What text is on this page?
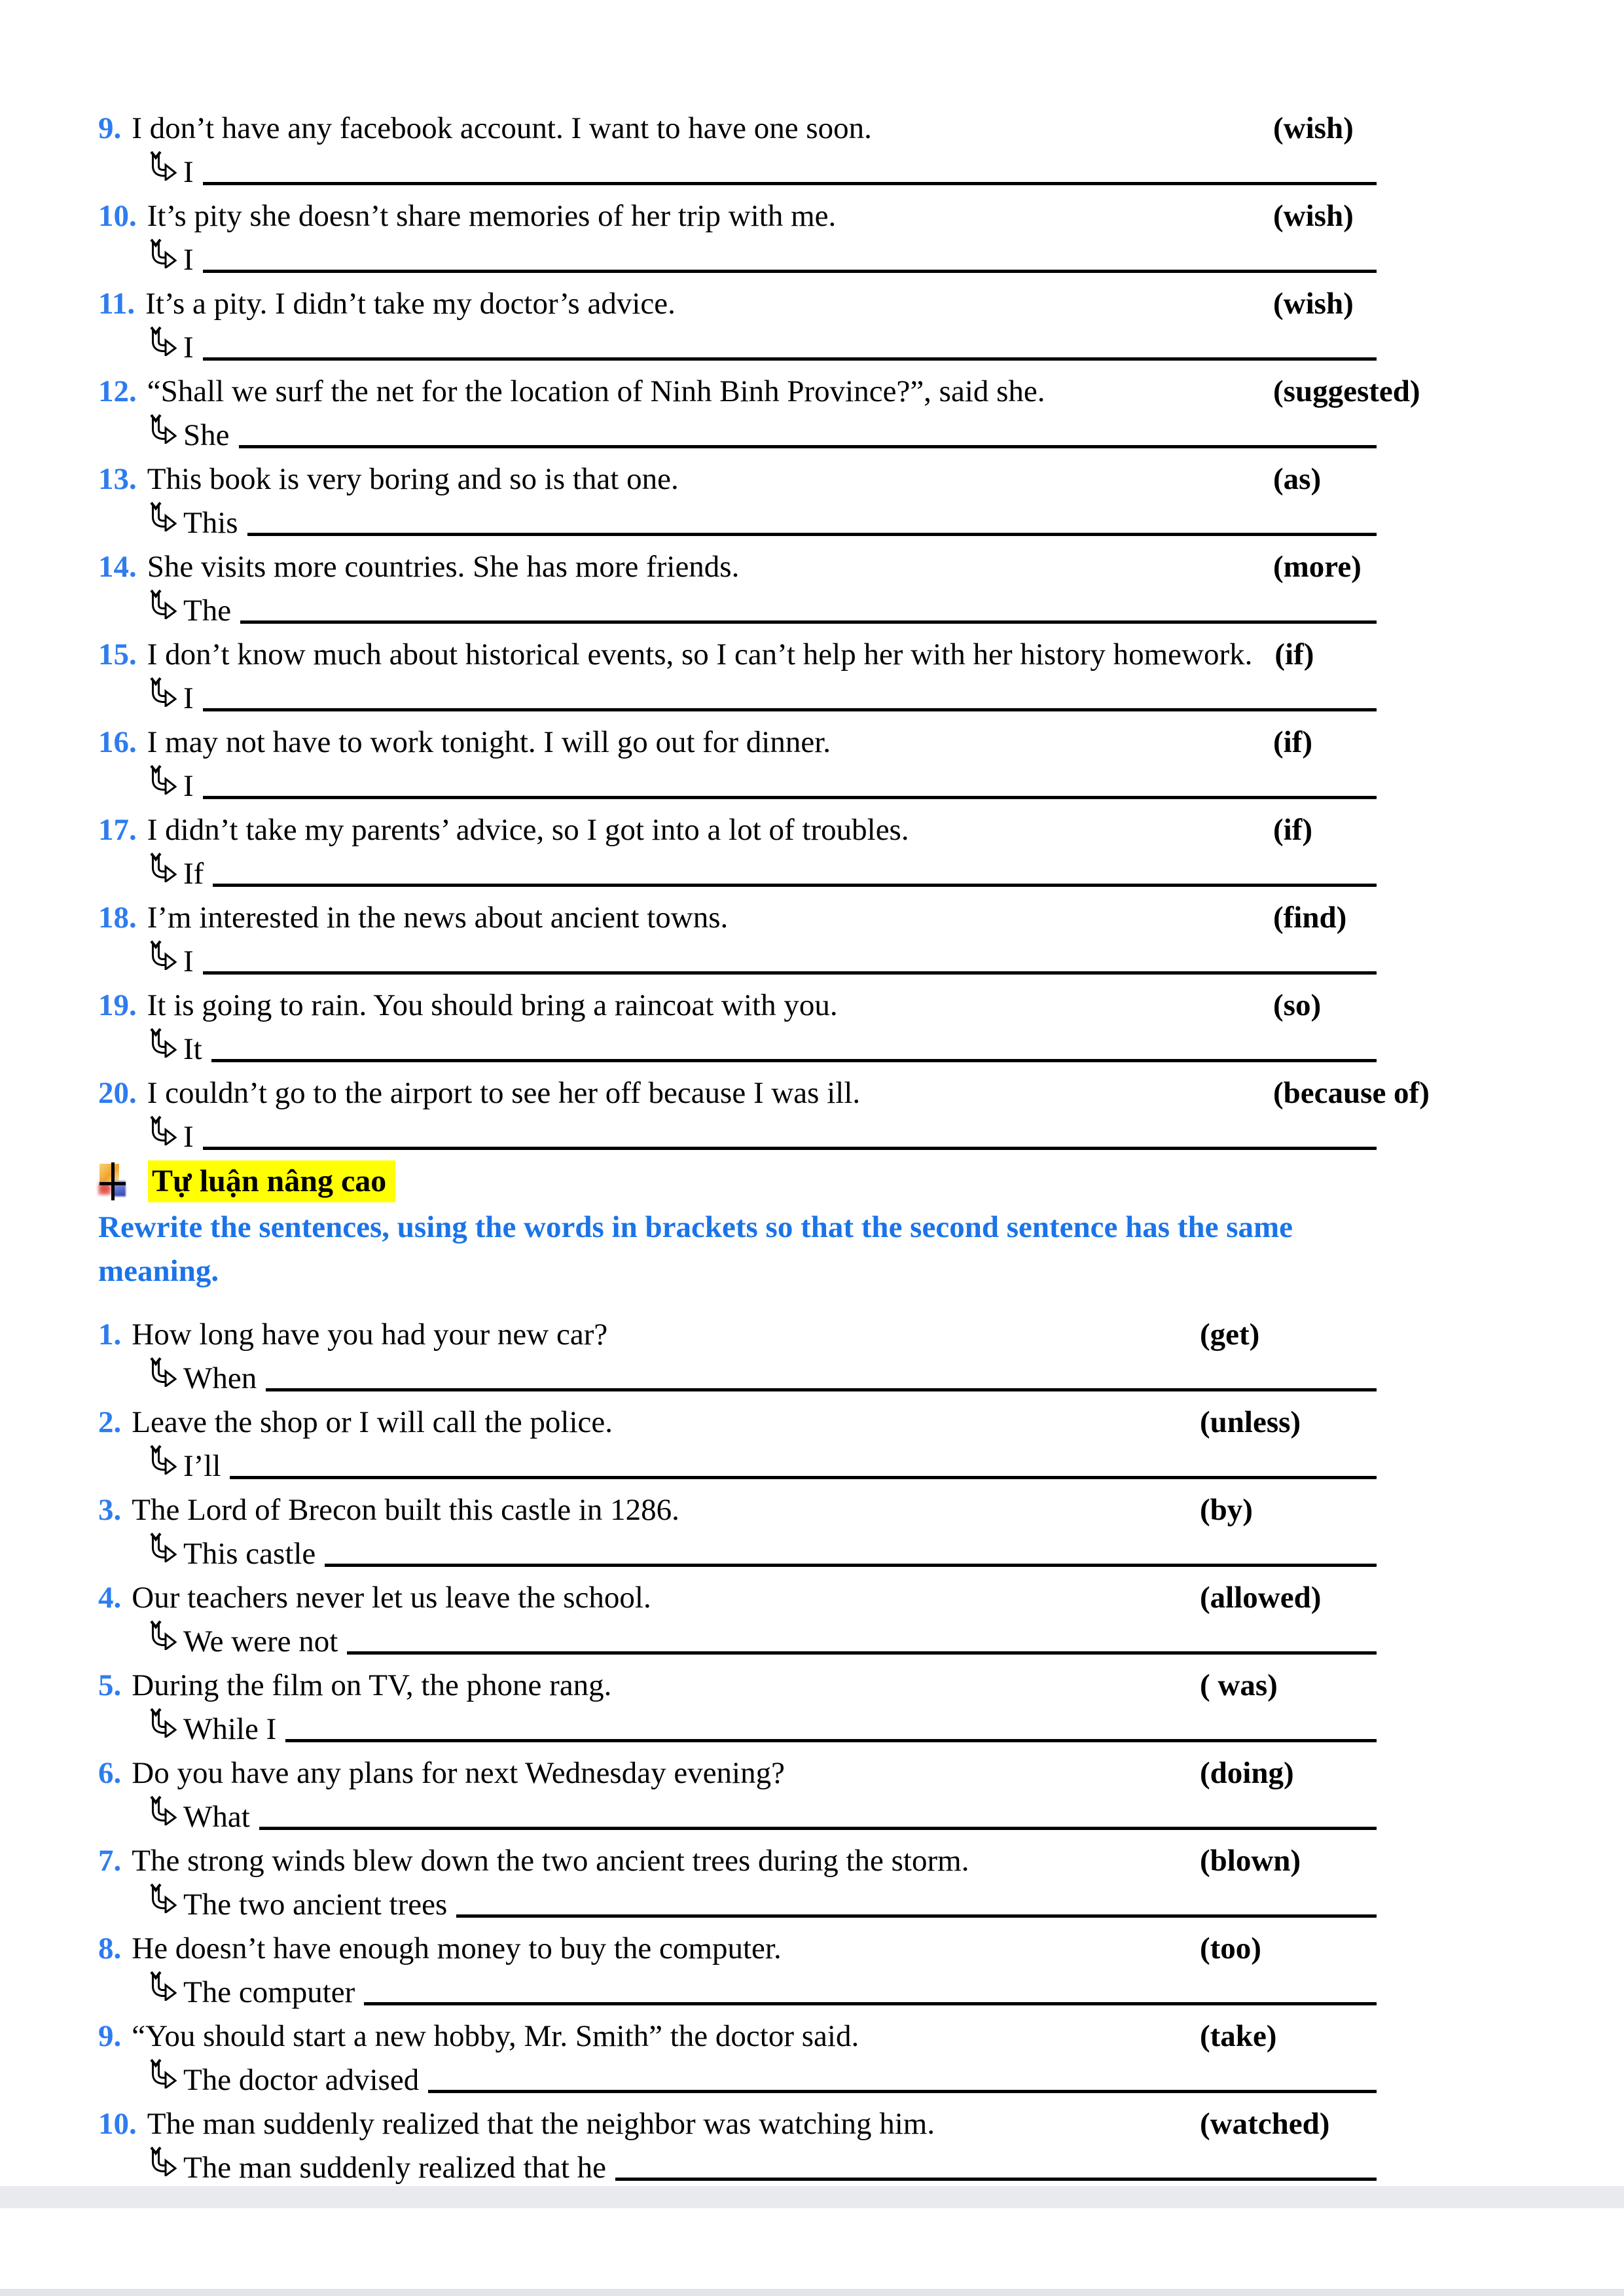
9. I don’t have any facebook account. I want to have one soon.	(wish)
I
10. It’s pity she doesn’t share memories of her trip with me.	(wish)
I
11. It’s a pity. I didn’t take my doctor’s advice.	(wish)
I
12. “Shall we surf the net for the location of Ninh Binh Province?”, said she.	(suggested)
She
13. This book is very boring and so is that one.	(as)
This
14. She visits more countries. She has more friends.	(more)
The
15. I don’t know much about historical events, so I can’t help her with her history homework. (if)
I
16. I may not have to work tonight. I will go out for dinner.	(if)
I
17. I didn’t take my parents’ advice, so I got into a lot of troubles.	(if)
If
18. I’m interested in the news about ancient towns.	(find)
I
19. It is going to rain. You should bring a raincoat with you.	(so)
It
20. I couldn’t go to the airport to see her off because I was ill.	(because of)
I
Tự luận nâng cao

Rewrite the sentences, using the words in brackets so that the second sentence has the same meaning.

1. How long have you had your new car?	(get)
When
2. Leave the shop or I will call the police.	(unless)
I’ll
3. The Lord of Brecon built this castle in 1286.	(by)
This castle
4. Our teachers never let us leave the school.	(allowed)
We were not
5. During the film on TV, the phone rang.	( was)
While I
6. Do you have any plans for next Wednesday evening?	(doing)
What
7. The strong winds blew down the two ancient trees during the storm.	(blown)
The two ancient trees
8. He doesn’t have enough money to buy the computer.	(too)
The computer
9. “You should start a new hobby, Mr. Smith” the doctor said.	(take)
The doctor advised
10. The man suddenly realized that the neighbor was watching him.	(watched)
The man suddenly realized that he
